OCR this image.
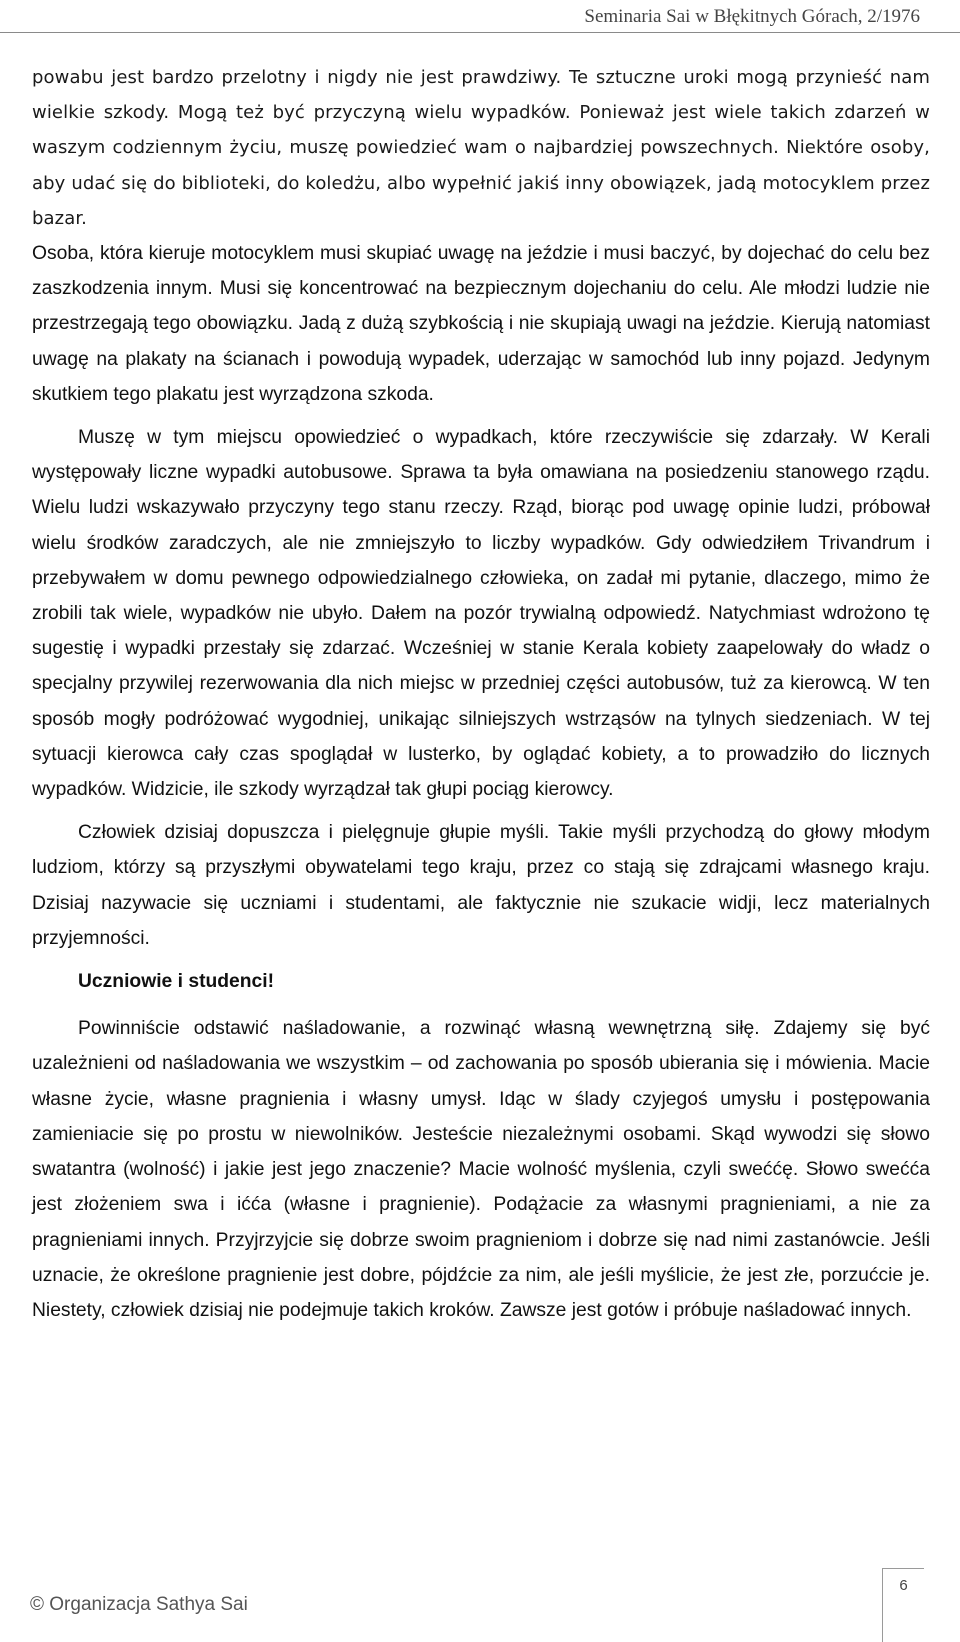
Seminaria Sai w Błękitnych Górach, 2/1976

powabu jest bardzo przelotny i nigdy nie jest prawdziwy. Te sztuczne uroki mogą przynieść nam wielkie szkody. Mogą też być przyczyną wielu wypadków. Ponieważ jest wiele takich zdarzeń w waszym codziennym życiu, muszę powiedzieć wam o najbardziej powszechnych. Niektóre osoby, aby udać się do biblioteki, do koledżu, albo wypełnić jakiś inny obowiązek, jadą motocyklem przez bazar.

Osoba, która kieruje motocyklem musi skupiać uwagę na jeździe i musi baczyć, by dojechać do celu bez zaszkodzenia innym. Musi się koncentrować na bezpiecznym dojechaniu do celu. Ale młodzi ludzie nie przestrzegają tego obowiązku. Jadą z dużą szybkością i nie skupiają uwagi na jeździe. Kierują natomiast uwagę na plakaty na ścianach i powodują wypadek, uderzając w samochód lub inny pojazd. Jedynym skutkiem tego plakatu jest wyrządzona szkoda.

Muszę w tym miejscu opowiedzieć o wypadkach, które rzeczywiście się zdarzały. W Kerali występowały liczne wypadki autobusowe. Sprawa ta była omawiana na posiedzeniu stanowego rządu. Wielu ludzi wskazywało przyczyny tego stanu rzeczy. Rząd, biorąc pod uwagę opinie ludzi, próbował wielu środków zaradczych, ale nie zmniejszyło to liczby wypadków. Gdy odwiedziłem Trivandrum i przebywałem w domu pewnego odpowiedzialnego człowieka, on zadał mi pytanie, dlaczego, mimo że zrobili tak wiele, wypadków nie ubyło. Dałem na pozór trywialną odpowiedź. Natychmiast wdrożono tę sugestię i wypadki przestały się zdarzać. Wcześniej w stanie Kerala kobiety zaapelowały do władz o specjalny przywilej rezerwowania dla nich miejsc w przedniej części autobusów, tuż za kierowcą. W ten sposób mogły podróżować wygodniej, unikając silniejszych wstrząsów na tylnych siedzeniach. W tej sytuacji kierowca cały czas spoglądał w lusterko, by oglądać kobiety, a to prowadziło do licznych wypadków. Widzicie, ile szkody wyrządzał tak głupi pociąg kierowcy.

Człowiek dzisiaj dopuszcza i pielęgnuje głupie myśli. Takie myśli przychodzą do głowy młodym ludziom, którzy są przyszłymi obywatelami tego kraju, przez co stają się zdrajcami własnego kraju. Dzisiaj nazywacie się uczniami i studentami, ale faktycznie nie szukacie widji, lecz materialnych przyjemności.

Uczniowie i studenci!

Powinniście odstawić naśladowanie, a rozwinąć własną wewnętrzną siłę. Zdajemy się być uzależnieni od naśladowania we wszystkim – od zachowania po sposób ubierania się i mówienia. Macie własne życie, własne pragnienia i własny umysł. Idąc w ślady czyjegoś umysłu i postępowania zamieniacie się po prostu w niewolników. Jesteście niezależnymi osobami. Skąd wywodzi się słowo swatantra (wolność) i jakie jest jego znaczenie? Macie wolność myślenia, czyli sweććę. Słowo swećća jest złożeniem swa i ićća (własne i pragnienie). Podążacie za własnymi pragnieniami, a nie za pragnieniami innych. Przyjrzyjcie się dobrze swoim pragnieniom i dobrze się nad nimi zastanówcie. Jeśli uznacie, że określone pragnienie jest dobre, pójdźcie za nim, ale jeśli myślicie, że jest złe, porzućcie je. Niestety, człowiek dzisiaj nie podejmuje takich kroków. Zawsze jest gotów i próbuje naśladować innych.

© Organizacja Sathya Sai
6
